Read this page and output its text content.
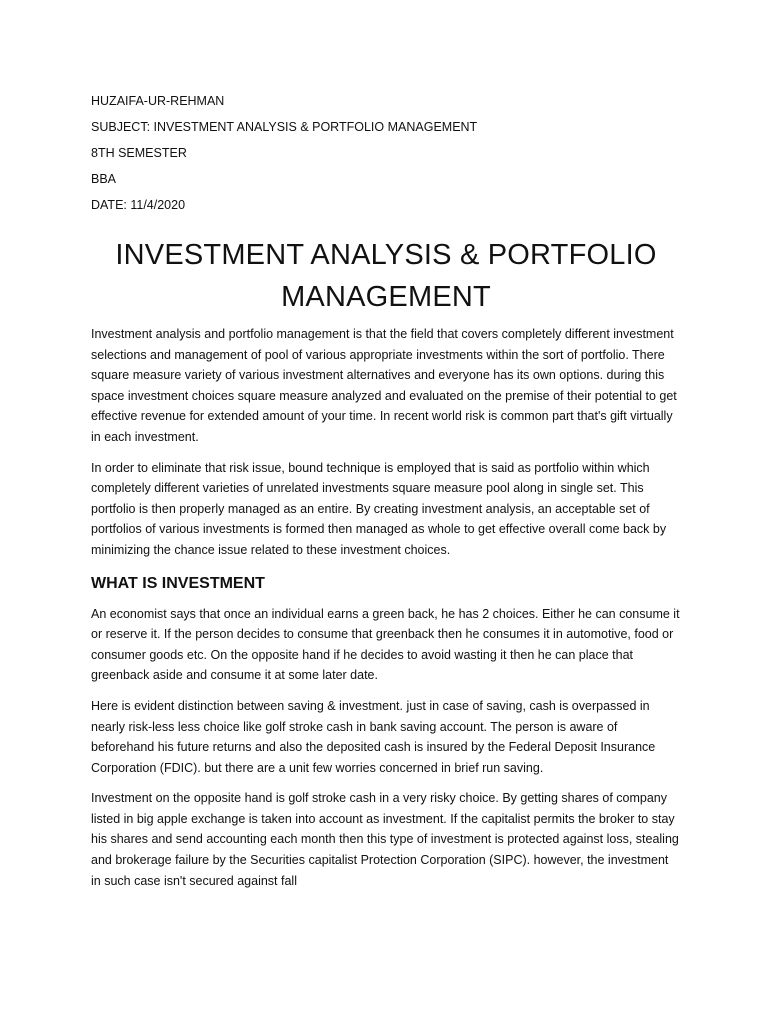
HUZAIFA-UR-REHMAN

SUBJECT: INVESTMENT ANALYSIS & PORTFOLIO MANAGEMENT

8TH SEMESTER

BBA

DATE: 11/4/2020

INVESTMENT ANALYSIS & PORTFOLIO
MANAGEMENT

Investment analysis and portfolio management is that the field that covers completely different investment selections and management of pool of various appropriate investments within the sort of portfolio. There square measure variety of various investment alternatives and everyone has its own options. during this space investment choices square measure analyzed and evaluated on the premise of their potential to get effective revenue for extended amount of your time. In recent world risk is common part that's gift virtually in each investment.

In order to eliminate that risk issue, bound technique is employed that is said as portfolio within which completely different varieties of unrelated investments square measure pool along in single set. This portfolio is then properly managed as an entire. By creating investment analysis, an acceptable set of portfolios of various investments is formed then managed as whole to get effective overall come back by minimizing the chance issue related to these investment choices.

WHAT IS INVESTMENT

An economist says that once an individual earns a green back, he has 2 choices. Either he can consume it or reserve it. If the person decides to consume that greenback then he consumes it in automotive, food or consumer goods etc. On the opposite hand if he decides to avoid wasting it then he can place that greenback aside and consume it at some later date.

Here is evident distinction between saving & investment. just in case of saving, cash is overpassed in nearly risk-less less choice like golf stroke cash in bank saving account. The person is aware of beforehand his future returns and also the deposited cash is insured by the Federal Deposit Insurance Corporation (FDIC). but there are a unit few worries concerned in brief run saving.

Investment on the opposite hand is golf stroke cash in a very risky choice. By getting shares of company listed in big apple exchange is taken into account as investment. If the capitalist permits the broker to stay his shares and send accounting each month then this type of investment is protected against loss, stealing and brokerage failure by the Securities capitalist Protection Corporation (SIPC). however, the investment in such case isn't secured against fall
